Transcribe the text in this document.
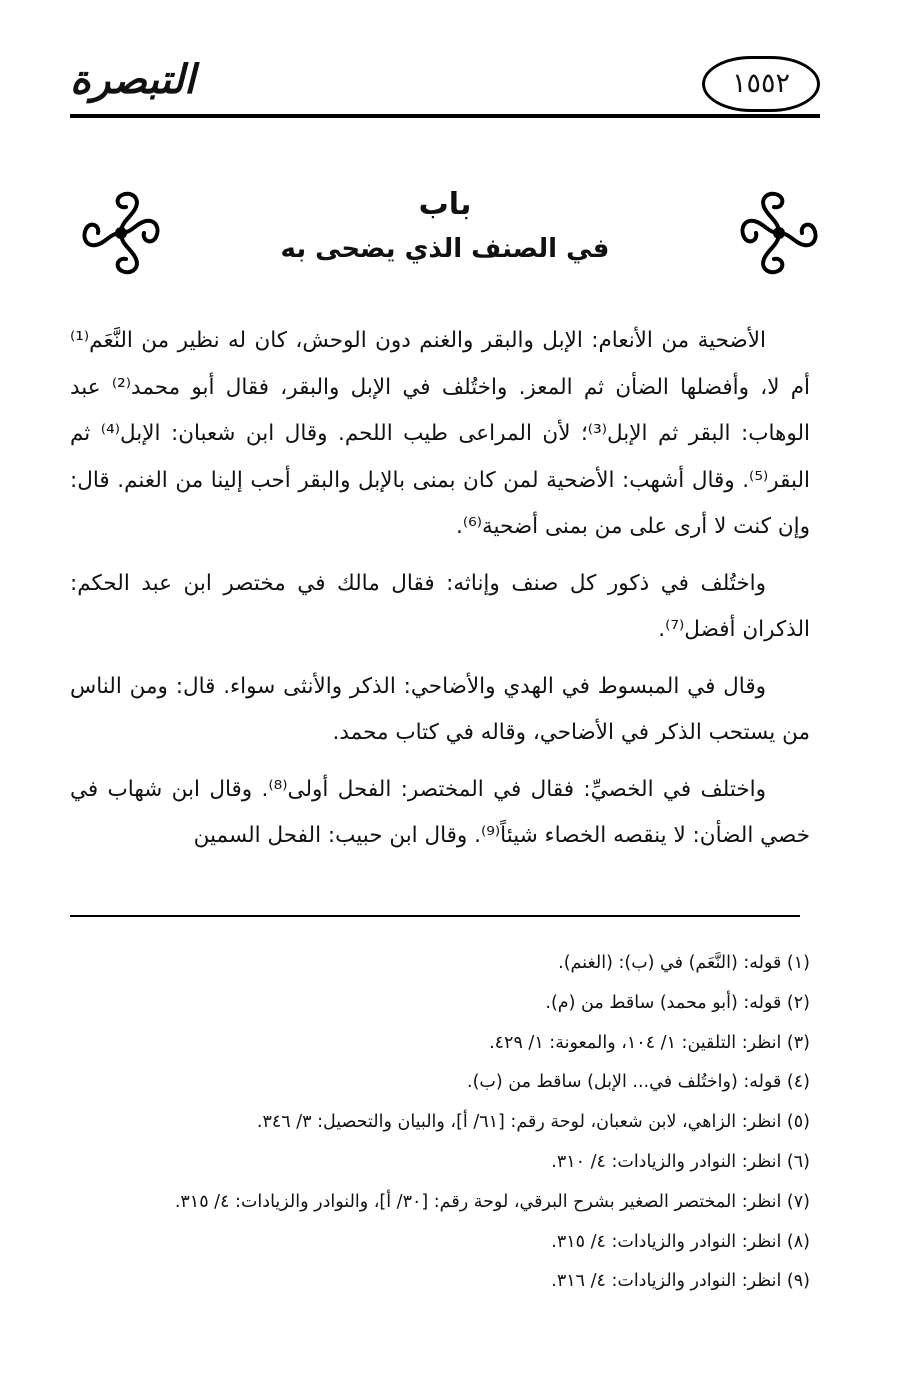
التبصرة	١٥٥٢
باب
في الصنف الذي يضحى به

الأضحية من الأنعام: الإبل والبقر والغنم دون الوحش، كان له نظير من النَّعَم⁽¹⁾ أم لا، وأفضلها الضأن ثم المعز. واختُلف في الإبل والبقر، فقال أبو محمد⁽²⁾ عبد الوهاب: البقر ثم الإبل⁽³⁾؛ لأن المراعى طيب اللحم. وقال ابن شعبان: الإبل⁽⁴⁾ ثم البقر⁽⁵⁾. وقال أشهب: الأضحية لمن كان بمنى بالإبل والبقر أحب إلينا من الغنم. قال: وإن كنت لا أرى على من بمنى أضحية⁽⁶⁾.

واختُلف في ذكور كل صنف وإناثه: فقال مالك في مختصر ابن عبد الحكم: الذكران أفضل⁽⁷⁾.

وقال في المبسوط في الهدي والأضاحي: الذكر والأنثى سواء. قال: ومن الناس من يستحب الذكر في الأضاحي، وقاله في كتاب محمد.

واختلف في الخصيِّ: فقال في المختصر: الفحل أولى⁽⁸⁾. وقال ابن شهاب في خصي الضأن: لا ينقصه الخصاء شيئاً⁽⁹⁾. وقال ابن حبيب: الفحل السمين

(١) قوله: (النَّعَم) في (ب): (الغنم).

(٢) قوله: (أبو محمد) ساقط من (م).

(٣) انظر: التلقين: ١/ ١٠٤، والمعونة: ١/ ٤٢٩.

(٤) قوله: (واختُلف في... الإبل) ساقط من (ب).

(٥) انظر: الزاهي، لابن شعبان، لوحة رقم: [٦١/ أ]، والبيان والتحصيل: ٣/ ٣٤٦.

(٦) انظر: النوادر والزيادات: ٤/ ٣١٠.

(٧) انظر: المختصر الصغير بشرح البرقي، لوحة رقم: [٣٠/ أ]، والنوادر والزيادات: ٤/ ٣١٥.

(٨) انظر: النوادر والزيادات: ٤/ ٣١٥.

(٩) انظر: النوادر والزيادات: ٤/ ٣١٦.
